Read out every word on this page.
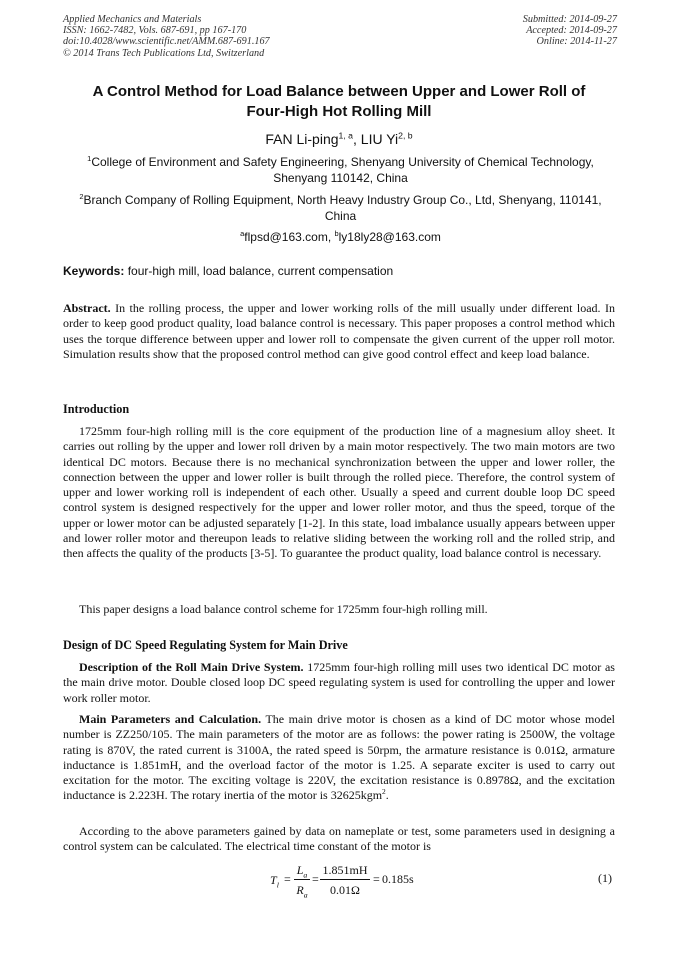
Applied Mechanics and Materials
ISSN: 1662-7482, Vols. 687-691, pp 167-170
doi:10.4028/www.scientific.net/AMM.687-691.167
© 2014 Trans Tech Publications Ltd, Switzerland
Submitted: 2014-09-27
Accepted: 2014-09-27
Online: 2014-11-27
A Control Method for Load Balance between Upper and Lower Roll of
Four-High Hot Rolling Mill
FAN Li-ping$^{1, a}$, LIU Yi$^{2, b}$
$^1$College of Environment and Safety Engineering, Shenyang University of Chemical Technology, Shenyang 110142, China
$^2$Branch Company of Rolling Equipment, North Heavy Industry Group Co., Ltd, Shenyang, 110141, China
$^a$flpsd@163.com, $^b$ly18ly28@163.com
Keywords: four-high mill, load balance, current compensation

Abstract. In the rolling process, the upper and lower working rolls of the mill usually under different load. In order to keep good product quality, load balance control is necessary. This paper proposes a control method which uses the torque difference between upper and lower roll to compensate the given current of the upper roll motor. Simulation results show that the proposed control method can give good control effect and keep load balance.

Introduction

1725mm four-high rolling mill is the core equipment of the production line of a magnesium alloy sheet. It carries out rolling by the upper and lower roll driven by a main motor respectively. The two main motors are two identical DC motors. Because there is no mechanical synchronization between the upper and lower roller, the connection between the upper and lower roller is built through the rolled piece. Therefore, the control system of upper and lower working roll is independent of each other. Usually a speed and current double loop DC speed control system is designed respectively for the upper and lower roller motor, and thus the speed, torque of the upper or lower motor can be adjusted separately [1-2]. In this state, load imbalance usually appears between upper and lower roller motor and thereupon leads to relative sliding between the working roll and the rolled strip, and then affects the quality of the products [3-5]. To guarantee the product quality, load balance control is necessary.

This paper designs a load balance control scheme for 1725mm four-high rolling mill.

Design of DC Speed Regulating System for Main Drive

Description of the Roll Main Drive System. 1725mm four-high rolling mill uses two identical DC motor as the main drive motor. Double closed loop DC speed regulating system is used for controlling the upper and lower work roller motor.

Main Parameters and Calculation. The main drive motor is chosen as a kind of DC motor whose model number is ZZ250/105. The main parameters of the motor are as follows: the power rating is 2500W, the voltage rating is 870V, the rated current is 3100A, the rated speed is 50rpm, the armature resistance is 0.01Ω, armature inductance is 1.851mH, and the overload factor of the motor is 1.25. A separate exciter is used to carry out excitation for the motor. The exciting voltage is 220V, the excitation resistance is 0.8978Ω, and the excitation inductance is 2.223H. The rotary inertia of the motor is 32625kgm$^2$.

According to the above parameters gained by data on nameplate or test, some parameters used in designing a control system can be calculated. The electrical time constant of the motor is

$T_l$ =
$L_a$
$R_a$
=
1.851mH
0.01Ω
= 0.185s	(1)
